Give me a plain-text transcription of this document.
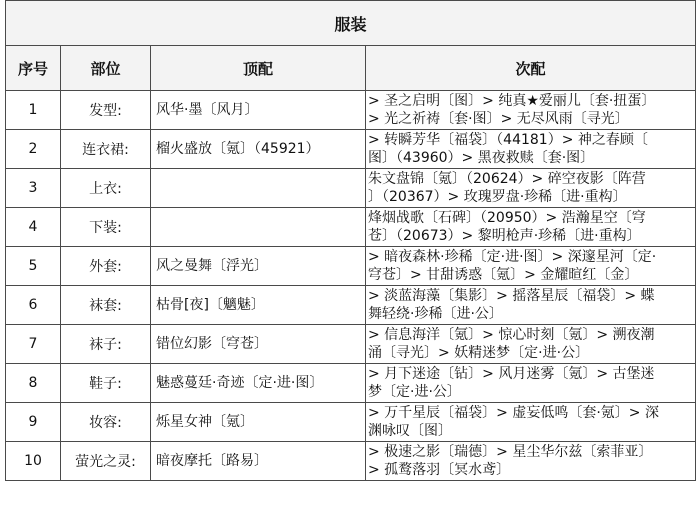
服装			
序号	部位	顶配	次配
1	发型:	风华·墨〔风月〕	> 圣之启明〔图〕> 纯真★爱丽儿〔套·扭蛋〕
> 光之祈祷〔套·图〕> 无尽风雨〔寻光〕

2	连衣裙:	榴火盛放〔氪〕（45921）	> 转瞬芳华〔福袋〕（44181）> 神之春顾〔
图〕（43960）> 黑夜救赎〔套·图〕

3	上衣:		朱文盘锦〔氪〕（20624）> 碎空夜影〔阵营
〕（20367）> 玫瑰罗盘·珍稀〔进·重构〕

4	下装:		烽烟战歌〔石碑〕（20950）> 浩瀚星空〔穹
苍〕（20673）> 黎明枪声·珍稀〔进·重构〕

5	外套:	风之曼舞〔浮光〕	> 暗夜森林·珍稀〔定·进·图〕> 深邃星河〔定·
穹苍〕> 甘甜诱惑〔氪〕> 金耀暄红〔金〕

6	袜套:	枯骨[夜]〔魑魅〕	> 淡蓝海藻〔集影〕> 摇落星辰〔福袋〕> 蝶
舞轻绕·珍稀〔进·公〕

7	袜子:	错位幻影〔穹苍〕	> 信息海洋〔氪〕> 惊心时刻〔氪〕> 溯夜潮
涌〔寻光〕> 妖精迷梦〔定·进·公〕

8	鞋子:	魅惑蔓廷·奇迹〔定·进·图〕	> 月下迷途〔钻〕> 风月迷雾〔氪〕> 古堡迷
梦〔定·进·公〕

9	妆容:	烁星女神〔氪〕	> 万千星辰〔福袋〕> 虚妄低鸣〔套·氪〕> 深
渊咏叹〔图〕

10	萤光之灵:	暗夜摩托〔路易〕	> 极速之影〔瑞德〕> 星尘华尔兹〔索菲亚〕
> 孤鹜落羽〔冥水鸢〕
